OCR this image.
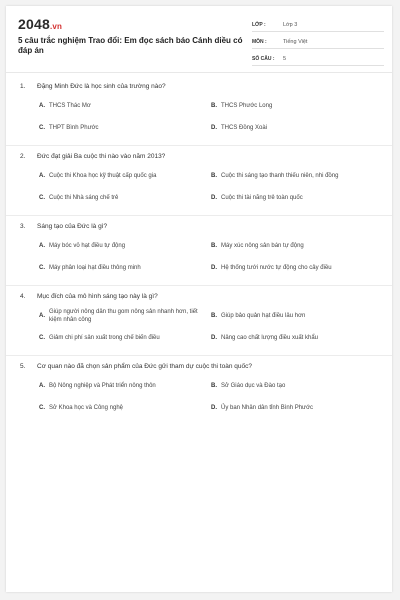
2048.vn
5 câu trắc nghiệm Trao đổi: Em đọc sách báo Cánh diều có đáp án
LỚP :	Lớp 3
MÔN :	Tiếng Việt
SỐ CÂU :	5
1.	Đặng Minh Đức là học sinh của trường nào?
A. THCS Thác Mơ	B. THCS Phước Long
C. THPT Bình Phước	D. THCS Đồng Xoài
2.	Đức đạt giải Ba cuộc thi nào vào năm 2013?
A. Cuộc thi Khoa học kỹ thuật cấp quốc gia	B. Cuộc thi sáng tạo thanh thiếu niên, nhi đồng
C. Cuộc thi Nhà sáng chế trẻ	D. Cuộc thi tài năng trẻ toàn quốc
3.	Sáng tạo của Đức là gì?
A. Máy bóc vỏ hạt điều tự động	B. Máy xúc nông sản bán tự động
C. Máy phân loại hạt điều thông minh	D. Hệ thống tưới nước tự động cho cây điều
4.	Mục đích của mô hình sáng tạo này là gì?
A.
Giúp người nông dân thu gom nông sản nhanh hơn, tiết kiệm nhân công
B. Giúp bảo quản hạt điều lâu hơn
C. Giảm chi phí sản xuất trong chế biến điều	D. Nâng cao chất lượng điều xuất khẩu
5.	Cơ quan nào đã chọn sản phẩm của Đức gửi tham dự cuộc thi toàn quốc?
A. Bộ Nông nghiệp và Phát triển nông thôn	B. Sở Giáo dục và Đào tạo
C. Sở Khoa học và Công nghệ	D. Ủy ban Nhân dân tỉnh Bình Phước
